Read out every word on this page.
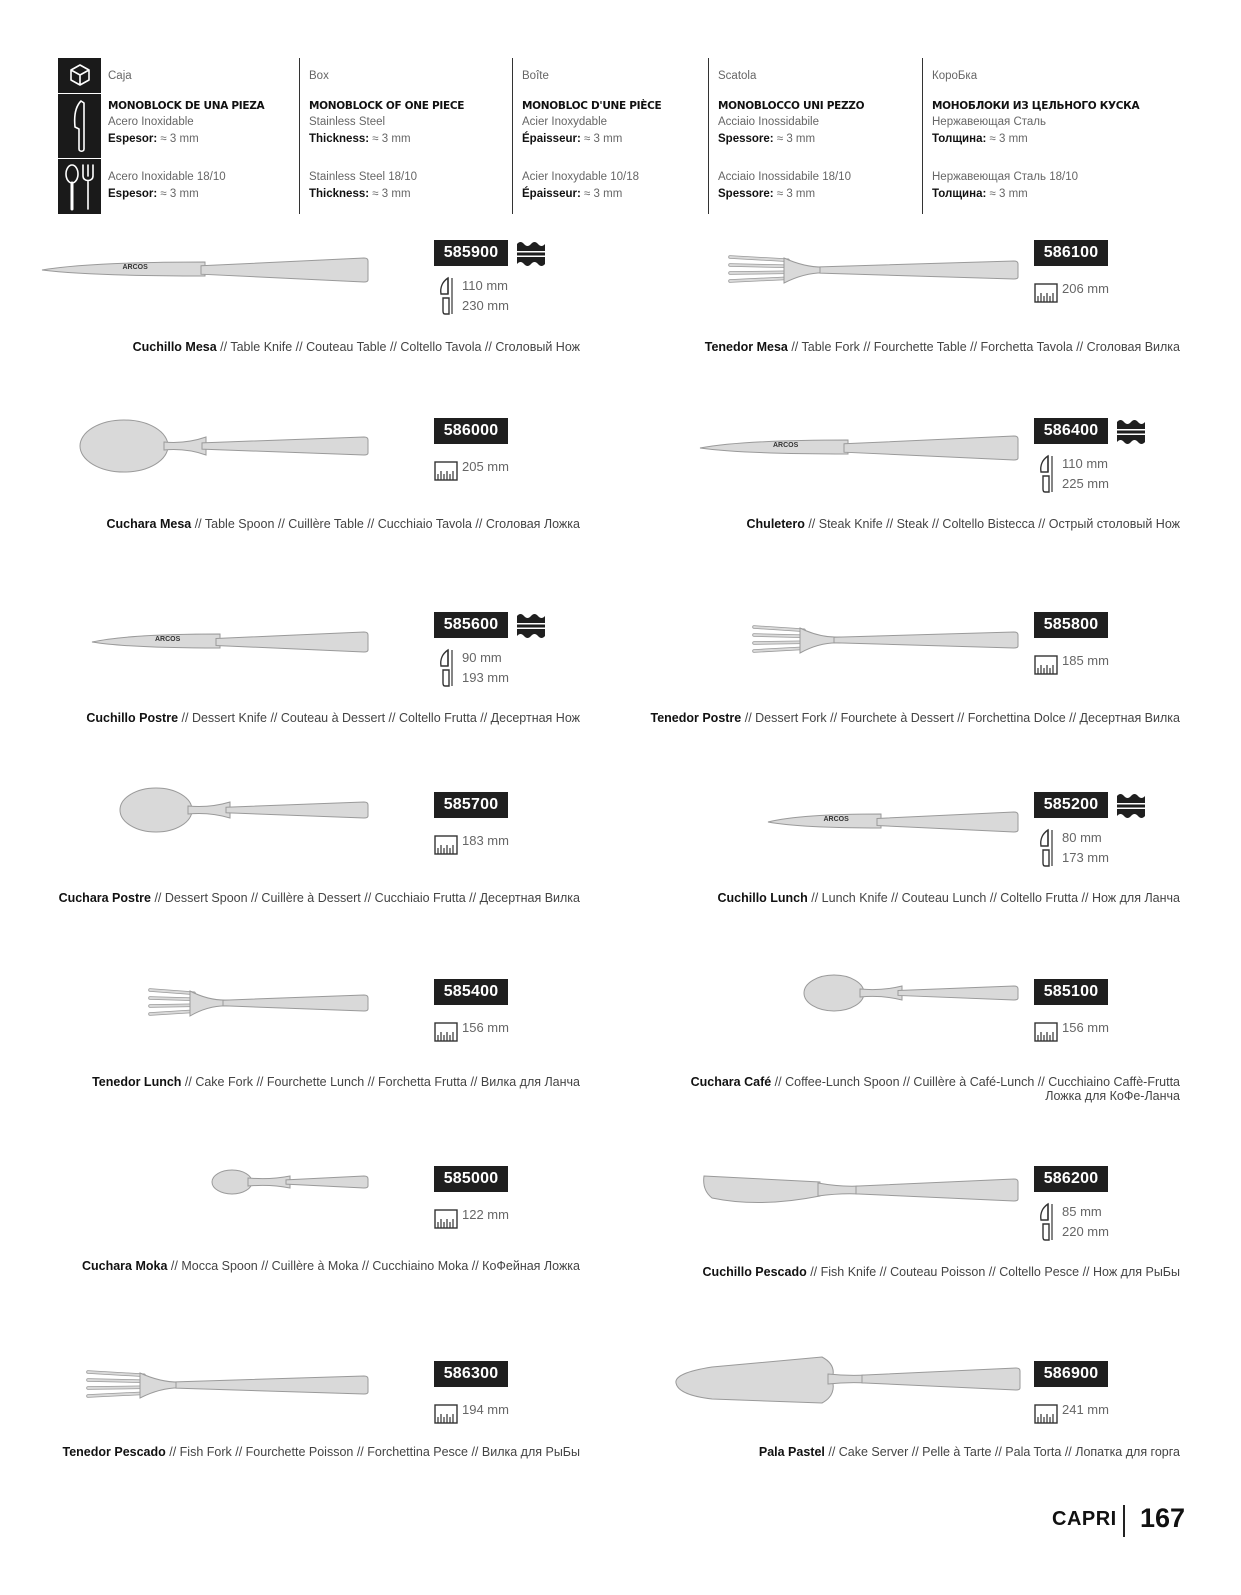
Caja
MONOBLOCK DE UNA PIEZA
Acero Inoxidable
Espesor: ≈ 3 mm
Acero Inoxidable 18/10
Espesor: ≈ 3 mm
Box
MONOBLOCK OF ONE PIECE
Stainless Steel
Thickness: ≈ 3 mm
Stainless Steel 18/10
Thickness: ≈ 3 mm
Boîte
MONOBLOC D'UNE PIÈCE
Acier Inoxydable
Épaisseur: ≈ 3 mm
Acier Inoxydable 10/18
Épaisseur: ≈ 3 mm
Scatola
MONOBLOCCO UNI PEZZO
Acciaio Inossidabile
Spessore: ≈ 3 mm
Acciaio Inossidabile 18/10
Spessore: ≈ 3 mm
КороБка
МОНОБЛОКИ ИЗ ЦЕЛЬНОГО КУСКА
Нержавеющая Сталь
Толщина: ≈ 3 mm
Нержавеющая Сталь 18/10
Толщина: ≈ 3 mm
ARCOS
585900
110 mm
230 mm
Cuchillo Mesa // Table Knife // Couteau Table // Coltello Tavola // Сголовый Нож
586100
206 mm
Tenedor Mesa // Table Fork // Fourchette Table // Forchetta Tavola // Сголовая Вилка
586000
205 mm
Cuchara Mesa // Table Spoon // Cuillère Table // Cucchiaio Tavola // Сголовая Ложка
ARCOS
586400
110 mm
225 mm
Chuletero // Steak Knife // Steak // Coltello Bistecca // Острый столовый Нож
ARCOS
585600
90 mm
193 mm
Cuchillo Postre // Dessert Knife // Couteau à Dessert // Coltello Frutta // Десертная Нож
585800
185 mm
Tenedor Postre // Dessert Fork // Fourchete à Dessert // Forchettina Dolce // Десертная Вилка
585700
183 mm
Cuchara Postre // Dessert Spoon // Cuillère à Dessert // Cucchiaio Frutta // Десертная Вилка
ARCOS
585200
80 mm
173 mm
Cuchillo Lunch // Lunch Knife // Couteau Lunch // Coltello Frutta // Нож для Ланча
585400
156 mm
Tenedor Lunch // Cake Fork // Fourchette Lunch // Forchetta Frutta // Вилка для Ланча
585100
156 mm
Cuchara Café // Coffee-Lunch Spoon // Cuillère à Café-Lunch // Cucchiaino Caffè-Frutta
Ложка для КоФе-Ланча
585000
122 mm
Cuchara Moka // Mocca Spoon // Cuillère à Moka // Cucchiaino Moka // КоФейная Ложка
586200
85 mm
220 mm
Cuchillo Pescado // Fish Knife // Couteau Poisson // Coltello Pesce // Нож для РыБы
586300
194 mm
Tenedor Pescado // Fish Fork // Fourchette Poisson // Forchettina Pesce // Вилка для РыБы
586900
241 mm
Pala Pastel // Cake Server // Pelle à Tarte // Pala Torta // Лопатка для горга
CAPRI 167
